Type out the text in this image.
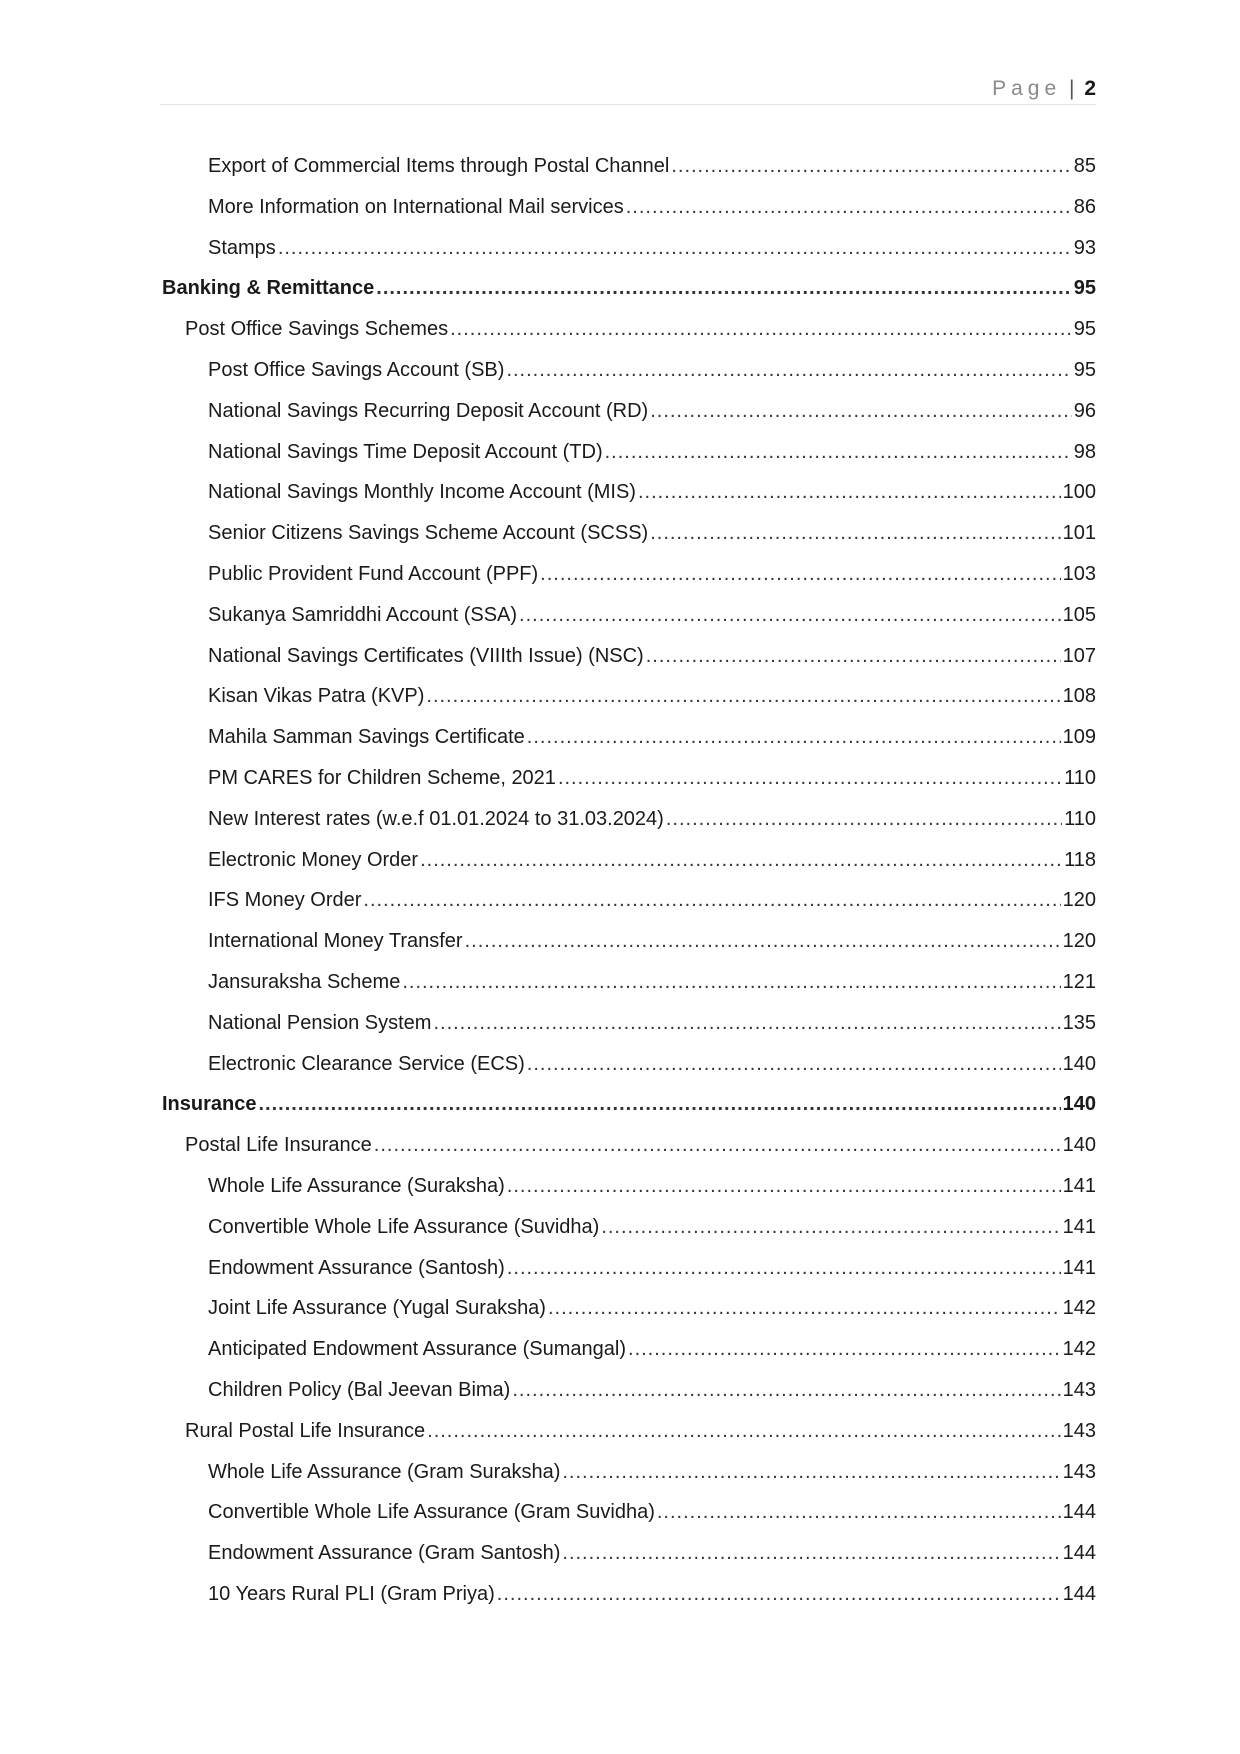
Page | 2
Export of Commercial Items through Postal Channel .....	85
More Information on International Mail services .....	86
Stamps .....	93
Banking & Remittance .....	95
Post Office Savings Schemes .....	95
Post Office Savings Account (SB) .....	95
National Savings Recurring Deposit Account (RD) .....	96
National Savings Time Deposit Account (TD) .....	98
National Savings Monthly Income Account (MIS) .....	100
Senior Citizens Savings Scheme Account (SCSS) .....	101
Public Provident Fund Account (PPF) .....	103
Sukanya Samriddhi Account (SSA) .....	105
National Savings Certificates (VIIIth Issue) (NSC) .....	107
Kisan Vikas Patra (KVP) .....	108
Mahila Samman Savings Certificate .....	109
PM CARES for Children Scheme, 2021 .....	110
New Interest rates (w.e.f 01.01.2024 to 31.03.2024) .....	110
Electronic Money Order .....	118
IFS Money Order .....	120
International Money Transfer .....	120
Jansuraksha Scheme .....	121
National Pension System .....	135
Electronic Clearance Service (ECS) .....	140
Insurance .....	140
Postal Life Insurance .....	140
Whole Life Assurance (Suraksha) .....	141
Convertible Whole Life Assurance (Suvidha) .....	141
Endowment Assurance (Santosh) .....	141
Joint Life Assurance (Yugal Suraksha) .....	142
Anticipated Endowment Assurance (Sumangal) .....	142
Children Policy (Bal Jeevan Bima) .....	143
Rural Postal Life Insurance .....	143
Whole Life Assurance (Gram Suraksha) .....	143
Convertible Whole Life Assurance (Gram Suvidha) .....	144
Endowment Assurance (Gram Santosh) .....	144
10 Years Rural PLI (Gram Priya) .....	144
